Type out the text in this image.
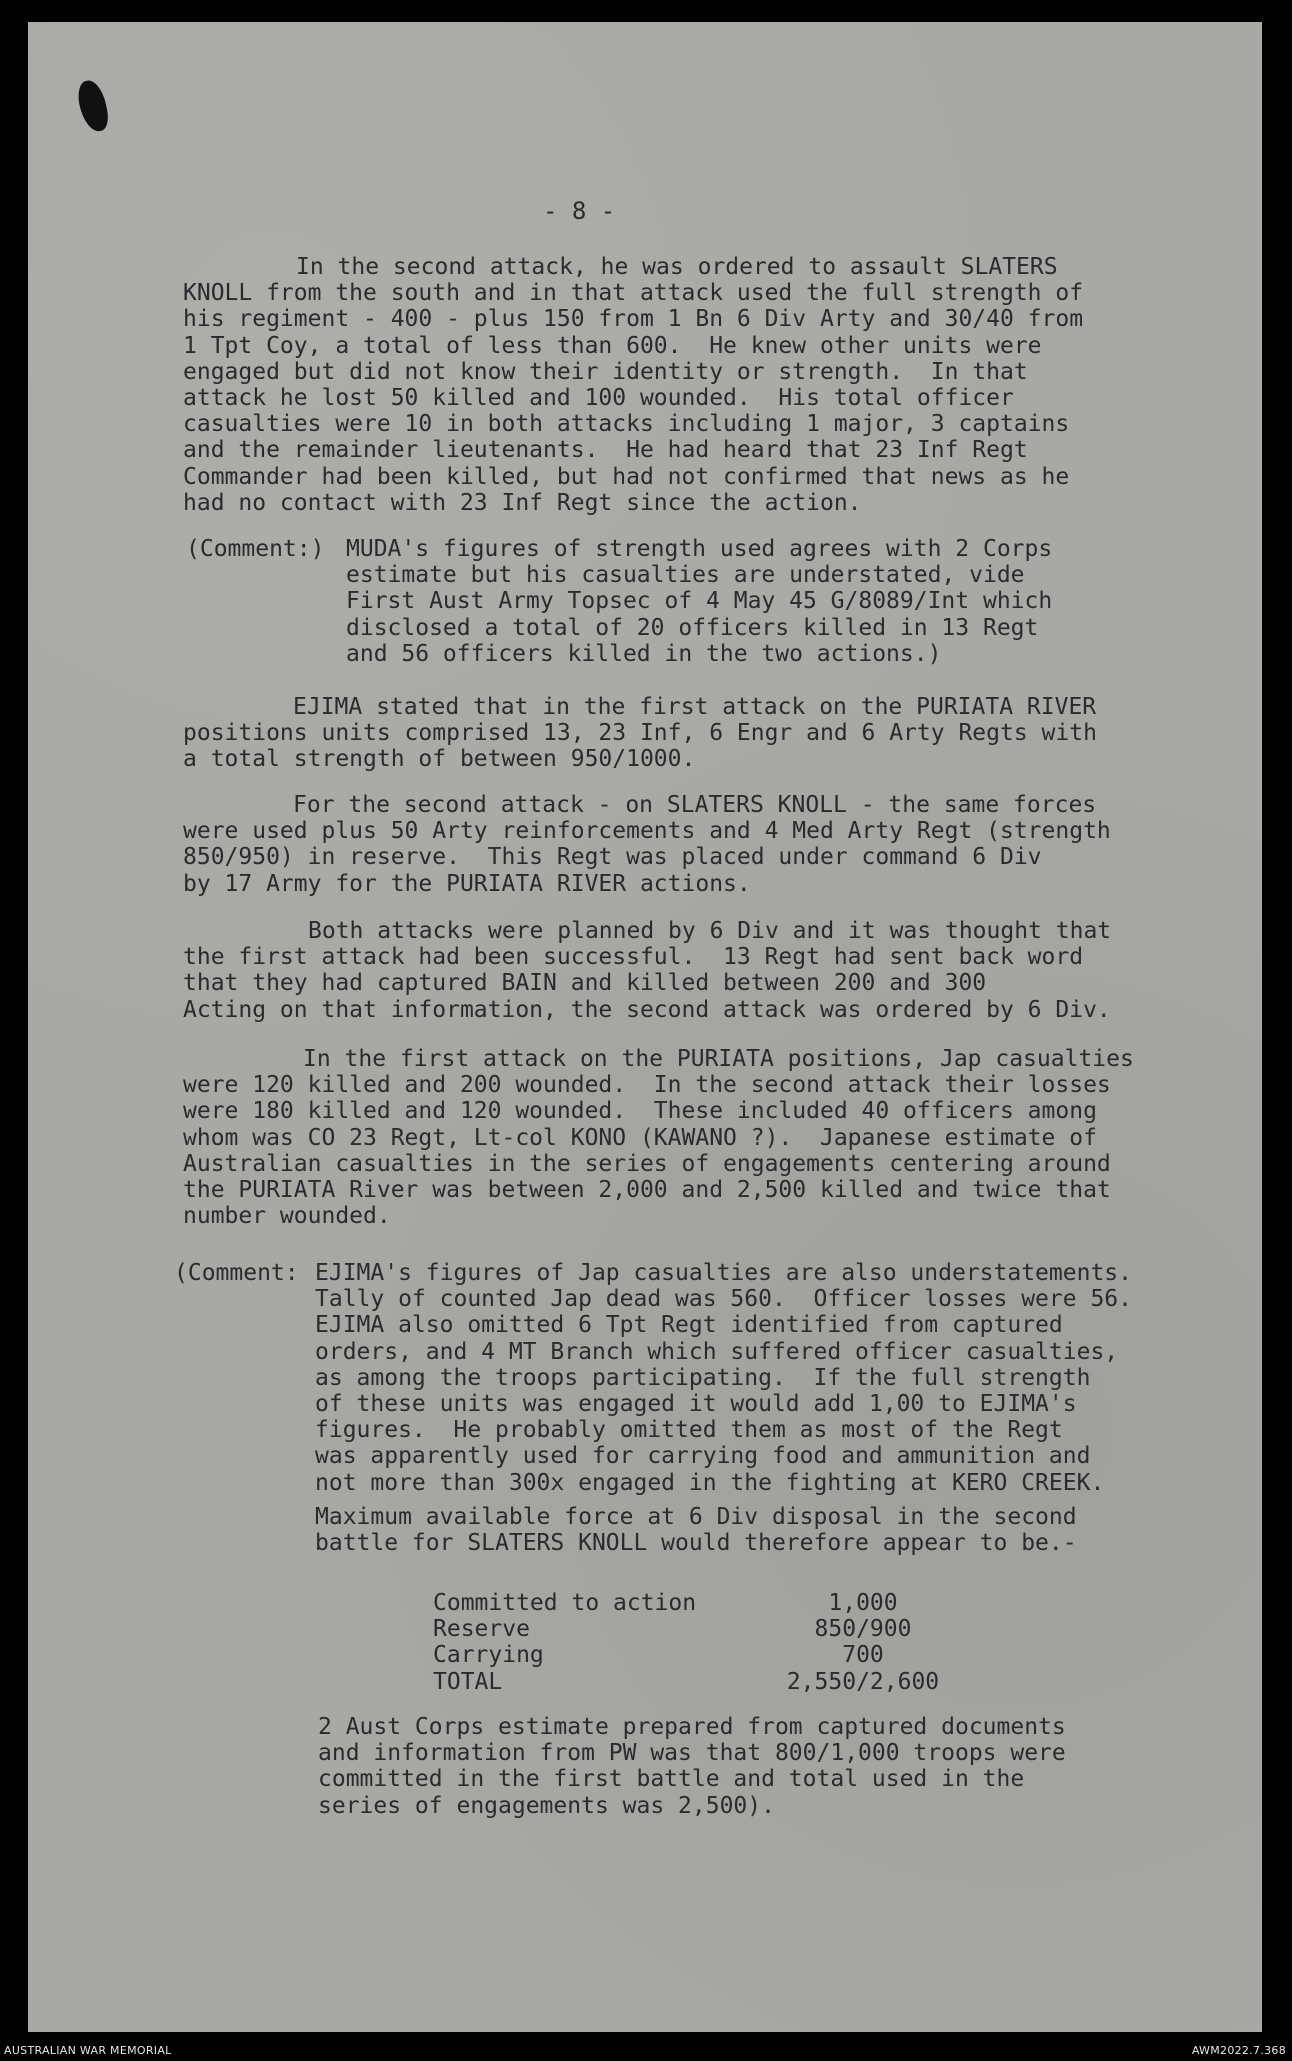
- 8 -

In the second attack, he was ordered to assault SLATERS
KNOLL from the south and in that attack used the full strength of
his regiment - 400 - plus 150 from 1 Bn 6 Div Arty and 30/40 from
1 Tpt Coy, a total of less than 600.  He knew other units were
engaged but did not know their identity or strength.  In that
attack he lost 50 killed and 100 wounded.  His total officer
casualties were 10 in both attacks including 1 major, 3 captains
and the remainder lieutenants.  He had heard that 23 Inf Regt
Commander had been killed, but had not confirmed that news as he
had no contact with 23 Inf Regt since the action.
(Comment:) MUDA's figures of strength used agrees with 2 Corps
estimate but his casualties are understated, vide
First Aust Army Topsec of 4 May 45 G/8089/Int which
disclosed a total of 20 officers killed in 13 Regt
and 56 officers killed in the two actions.)
EJIMA stated that in the first attack on the PURIATA RIVER
positions units comprised 13, 23 Inf, 6 Engr and 6 Arty Regts with
a total strength of between 950/1000.
For the second attack - on SLATERS KNOLL - the same forces
were used plus 50 Arty reinforcements and 4 Med Arty Regt (strength
850/950) in reserve.  This Regt was placed under command 6 Div
by 17 Army for the PURIATA RIVER actions.
Both attacks were planned by 6 Div and it was thought that
the first attack had been successful.  13 Regt had sent back word
that they had captured BAIN and killed between 200 and 300
Acting on that information, the second attack was ordered by 6 Div.
In the first attack on the PURIATA positions, Jap casualties
were 120 killed and 200 wounded.  In the second attack their losses
were 180 killed and 120 wounded.  These included 40 officers among
whom was CO 23 Regt, Lt-col KONO (KAWANO ?).  Japanese estimate of
Australian casualties in the series of engagements centering around
the PURIATA River was between 2,000 and 2,500 killed and twice that
number wounded.
(Comment: EJIMA's figures of Jap casualties are also understatements.
Tally of counted Jap dead was 560.  Officer losses were 56.
EJIMA also omitted 6 Tpt Regt identified from captured
orders, and 4 MT Branch which suffered officer casualties,
as among the troops participating.  If the full strength
of these units was engaged it would add 1,00 to EJIMA's
figures.  He probably omitted them as most of the Regt
was apparently used for carrying food and ammunition and
not more than 300x engaged in the fighting at KERO CREEK.
Maximum available force at 6 Div disposal in the second
battle for SLATERS KNOLL would therefore appear to be.-
Committed to action	1,000
Reserve	850/900
Carrying	700
TOTAL	2,550/2,600
2 Aust Corps estimate prepared from captured documents
and information from PW was that 800/1,000 troops were
committed in the first battle and total used in the
series of engagements was 2,500).
AUSTRALIAN WAR MEMORIAL	AWM2022.7.368
